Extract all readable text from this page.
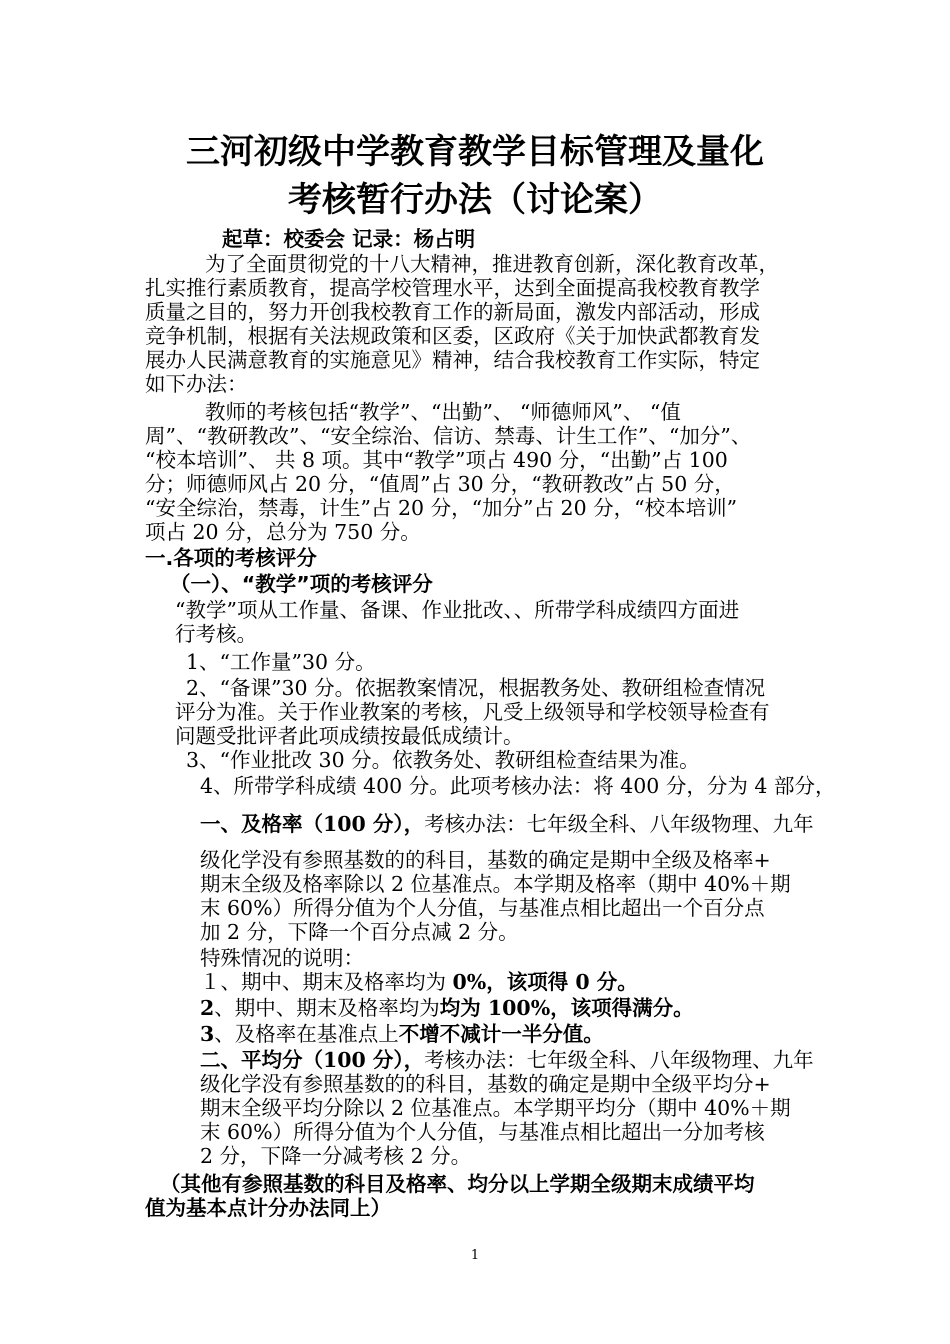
三河初级中学教育教学目标管理及量化
考核暂行办法（讨论案）
起草：校委会 记录：杨占明
为了全面贯彻党的十八大精神，推进教育创新，深化教育改革，
扎实推行素质教育，提高学校管理水平，达到全面提高我校教育教学
质量之目的，努力开创我校教育工作的新局面，激发内部活动，形成
竞争机制，根据有关法规政策和区委，区政府《关于加快武都教育发
展办人民满意教育的实施意见》精神，结合我校教育工作实际，特定
如下办法：
教师的考核包括“教学”、“出勤”、 “师德师风”、 “值
周”、“教研教改”、“安全综治、信访、禁毒、计生工作”、“加分”、
“校本培训”、 共 8 项。其中“教学”项占 490 分，“出勤”占 100
分；师德师风占 20 分，“值周”占 30 分，“教研教改”占 50 分，
“安全综治，禁毒，计生”占 20 分，“加分”占 20 分，“校本培训”
项占 20 分，总分为 750 分。
一.各项的考核评分
（一）、“教学”项的考核评分
“教学”项从工作量、备课、作业批改、、所带学科成绩四方面进
行考核。
1、“工作量”30 分。
2、“备课”30 分。依据教案情况，根据教务处、教研组检查情况
评分为准。关于作业教案的考核，凡受上级领导和学校领导检查有
问题受批评者此项成绩按最低成绩计。
3、“作业批改 30 分。依教务处、教研组检查结果为准。
4、所带学科成绩 400 分。此项考核办法：将 400 分，分为 4 部分，
一、及格率（100 分），考核办法：七年级全科、八年级物理、九年
级化学没有参照基数的的科目，基数的确定是期中全级及格率+
期末全级及格率除以 2 位基准点。本学期及格率（期中 40%＋期
末 60%）所得分值为个人分值，与基准点相比超出一个百分点
加 2 分，下降一个百分点减 2 分。
特殊情况的说明：
１、期中、期末及格率均为 0%，该项得 0 分。
2、期中、期末及格率均为均为 100%，该项得满分。
3、及格率在基准点上不增不减计一半分值。
二、平均分（100 分），考核办法：七年级全科、八年级物理、九年
级化学没有参照基数的的科目，基数的确定是期中全级平均分+
期末全级平均分除以 2 位基准点。本学期平均分（期中 40%＋期
末 60%）所得分值为个人分值，与基准点相比超出一分加考核
2 分，下降一分减考核 2 分。
（其他有参照基数的科目及格率、均分以上学期全级期末成绩平均
值为基本点计分办法同上）
1
